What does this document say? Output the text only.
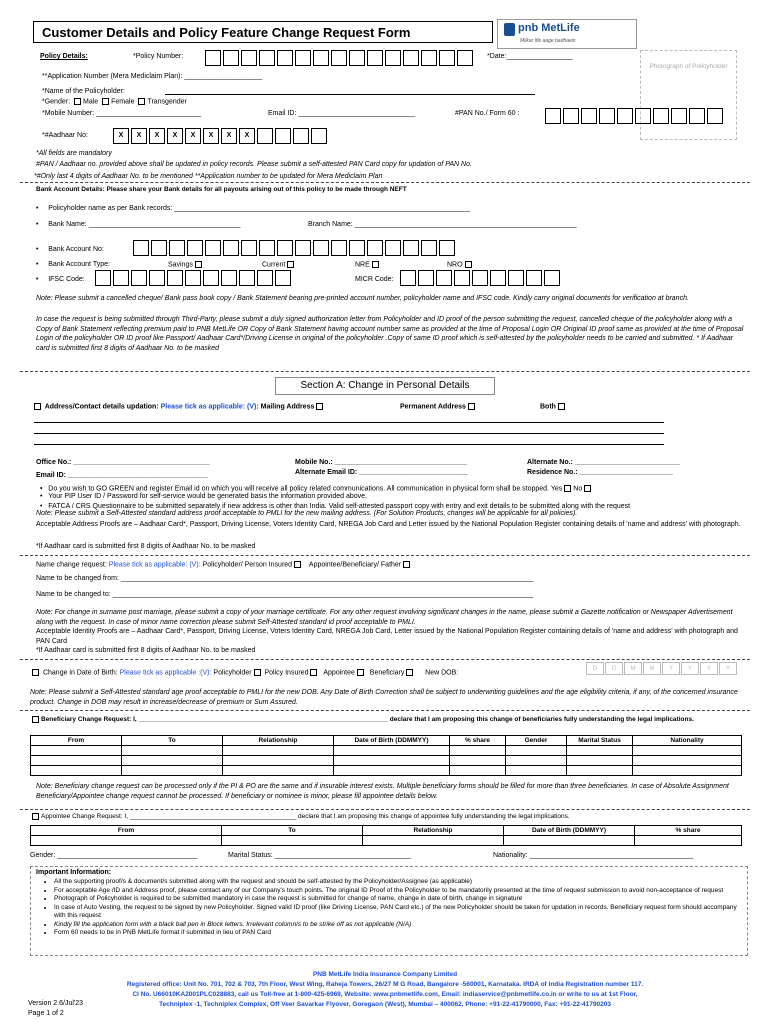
Customer Details and Policy Feature Change Request Form	pnb MetLife
Milkar life aage badhaein
Photograph of Policyholder
Policy Details:	*Policy Number:	*Date:_________________
**Application Number (Mera Mediclaim Plan): ____________________
*Name of the Policyholder:
*Gender: Male Female Transgender
*Mobile Number: ___________________________	Email ID: ______________________________	#PAN No./ Form 60 :
*#Aadhaar No:	X X X X X X X X
*All fields are mandatory
#PAN / Aadhaar no. provided above shall be updated in policy records. Please submit a self-attested PAN Card copy for updation of PAN No.
*#Only last 4 digits of Aadhaar No. to be mentioned **Application number to be updated for Mera Mediclaim Plan
Bank Account Details: Please share your Bank details for all payouts arising out of this policy to be made through NEFT
•     Policyholder name as per Bank records: ____________________________________________________________________________
•     Bank Name: _______________________________________	Branch Name: _________________________________________________________
•     Bank Account No:
•     Bank Account Type:	Savings	Current	NRE	NRO
•     IFSC Code:	MICR Code:
Note: Please submit a cancelled cheque/ Bank pass book copy / Bank Statement bearing pre-printed account number, policyholder name and IFSC code. Kindly carry original documents for verification at branch.
In case the request is being submitted through Third-Party, please submit a duly signed authorization letter from Policyholder and ID proof of the person submitting the request, cancelled cheque of the policyholder along with a Copy of Bank Statement reflecting premium paid to PNB MetLife OR Copy of Bank Statement having account number same as provided at the time of Proposal Login OR Original ID proof same as provided at the time of Proposal Login of the policyholder OR ID proof like Passport/ Aadhaar Card*/Driving License in original of the policyholder .Copy of same ID proof which is self-attested by the policyholder needs to be carried and submitted. * If Aadhaar card is submitted first 8 digits of Aadhaar No. to be masked
Section A: Change in Personal Details
Address/Contact details updation: Please tick as applicable: (V): Mailing Address	Permanent Address	Both
Office No.: ___________________________________	Mobile No.: __________________________________	Alternate No.: ___________________________
Email ID: ____________________________________	Alternate Email ID: ____________________________	Residence No.: ________________________
•   Do you wish to GO GREEN and register Email id on which you will receive all policy related communications. All communication in physical form shall be stopped. Yes No
•   Your PIP User ID / Password for self-service would be generated basis the information provided above.
•   FATCA / CRS Questionnaire to be submitted separately if new address is other than India. Valid self-attested passport copy with entry and exit details to be submitted along with the request
Note: Please submit a Self-Attested standard address proof acceptable to PMLI for the new mailing address. (For Solution Products, changes will be applicable for all policies).
Acceptable Address Proofs are – Aadhaar Card*, Passport, Driving License, Voters Identity Card, NREGA Job Card and Letter issued by the National Population Register containing details of 'name and address' with photograph.
*If Aadhaar card is submitted first 8 digits of Aadhaar No. to be masked
Name change request: Please tick as applicable: (V): Policyholder/ Person Insured Appointee/Beneficiary/ Father
Name to be changed from: __________________________________________________________________________________________________________
Name to be changed to: ____________________________________________________________________________________________________________
Note: For change in surname post marriage, please submit a copy of your marriage certificate. For any other request involving significant changes in the name, please submit a Gazette notification or Newspaper Advertisement along with the request. In case of minor name correction please submit Self-Attested standard id proof acceptable to PMLI.
Acceptable Identity Proofs are – Aadhaar Card*, Passport, Driving License, Voters Identity Card, NREGA Job Card, Letter issued by the National Population Register containing details of 'name and address' with photograph and PAN Card
*If Aadhaar card is submitted first 8 digits of Aadhaar No. to be masked
Change in Date of Birth: Please tick as applicable :(V): Policyholder Policy Insured Appointee Beneficiary	New DOB:
D D M M Y Y Y Y
Note: Please submit a Self-Attested standard age proof acceptable to PMLI for the new DOB. Any Date of Birth Correction shall be subject to underwriting guidelines and the age eligibility criteria, if any, of the concerned insurance product. Change in DOB may result in increase/decrease of premium or Sum Assured.
Beneficiary Change Request: I, _____________________________________________________________________ declare that I am proposing this change of beneficiaries fully understanding the legal implications.
From	To	Relationship	Date of Birth (DDMMYY)	% share	Gender	Marital Status	Nationality

Note: Beneficiary change request can be processed only if the PI & PO are the same and if insurable interest exists. Multiple beneficiary forms should be filled for more than three beneficiaries. In case of Absolute Assignment Beneficiary/Appointee change request cannot be processed. If beneficiary or nominee is minor, please fill appointee details below.
Appointee Change Request: I, ______________________________________________ declare that I am proposing this change of appointee fully understanding the legal implications.
From	To	Relationship	Date of Birth (DDMMYY)	% share

Gender: ____________________________________	Marital Status: ___________________________________	Nationality: __________________________________________
Important Information:
• All the supporting proof/s & document/s submitted along with the request and should be self-attested by the Policyholder/Assignee (as applicable)
• For acceptable Age /ID and Address proof, please contact any of our Company's touch points. The original ID Proof of the Policyholder to be mandatorily presented at the time of request submission to avoid non-acceptance of request
• Photograph of Policyholder is required to be submitted mandatory in case the request is submitted for change of name, change in date of birth, change in signature
• In case of Auto Vesting, the request to be signed by new Policyholder. Signed valid ID proof (like Driving License, PAN Card etc.) of the new Policyholder should be taken for updation in records. Beneficiary request form should accompany with this request
• Kindly fill the application form with a black ball pen in Block letters. Irrelevant column/s to be strike off as not applicable (N/A)
• Form 60 needs to be in PNB MetLife format if submitted in lieu of PAN Card
PNB MetLife India Insurance Company Limited
Registered office: Unit No. 701, 702 & 703, 7th Floor, West Wing, Raheja Towers, 26/27 M G Road, Bangalore -560001, Karnataka. IRDA of India Registration number 117.
CI No. U66010KA2001PLC028883, call us Toll-free at 1-800-425-6969, Website: www.pnbmetlife.com, Email: indiaservice@pnbmetlife.co.in or write to us at 1st Floor,
Techniplex -1, Techniplex Complex, Off Veer Savarkar Flyover, Goregaon (West), Mumbai – 400062. Phone: +91-22-41790000, Fax: +91-22-41790203
Version 2.6/Jul'23
Page 1 of 2
